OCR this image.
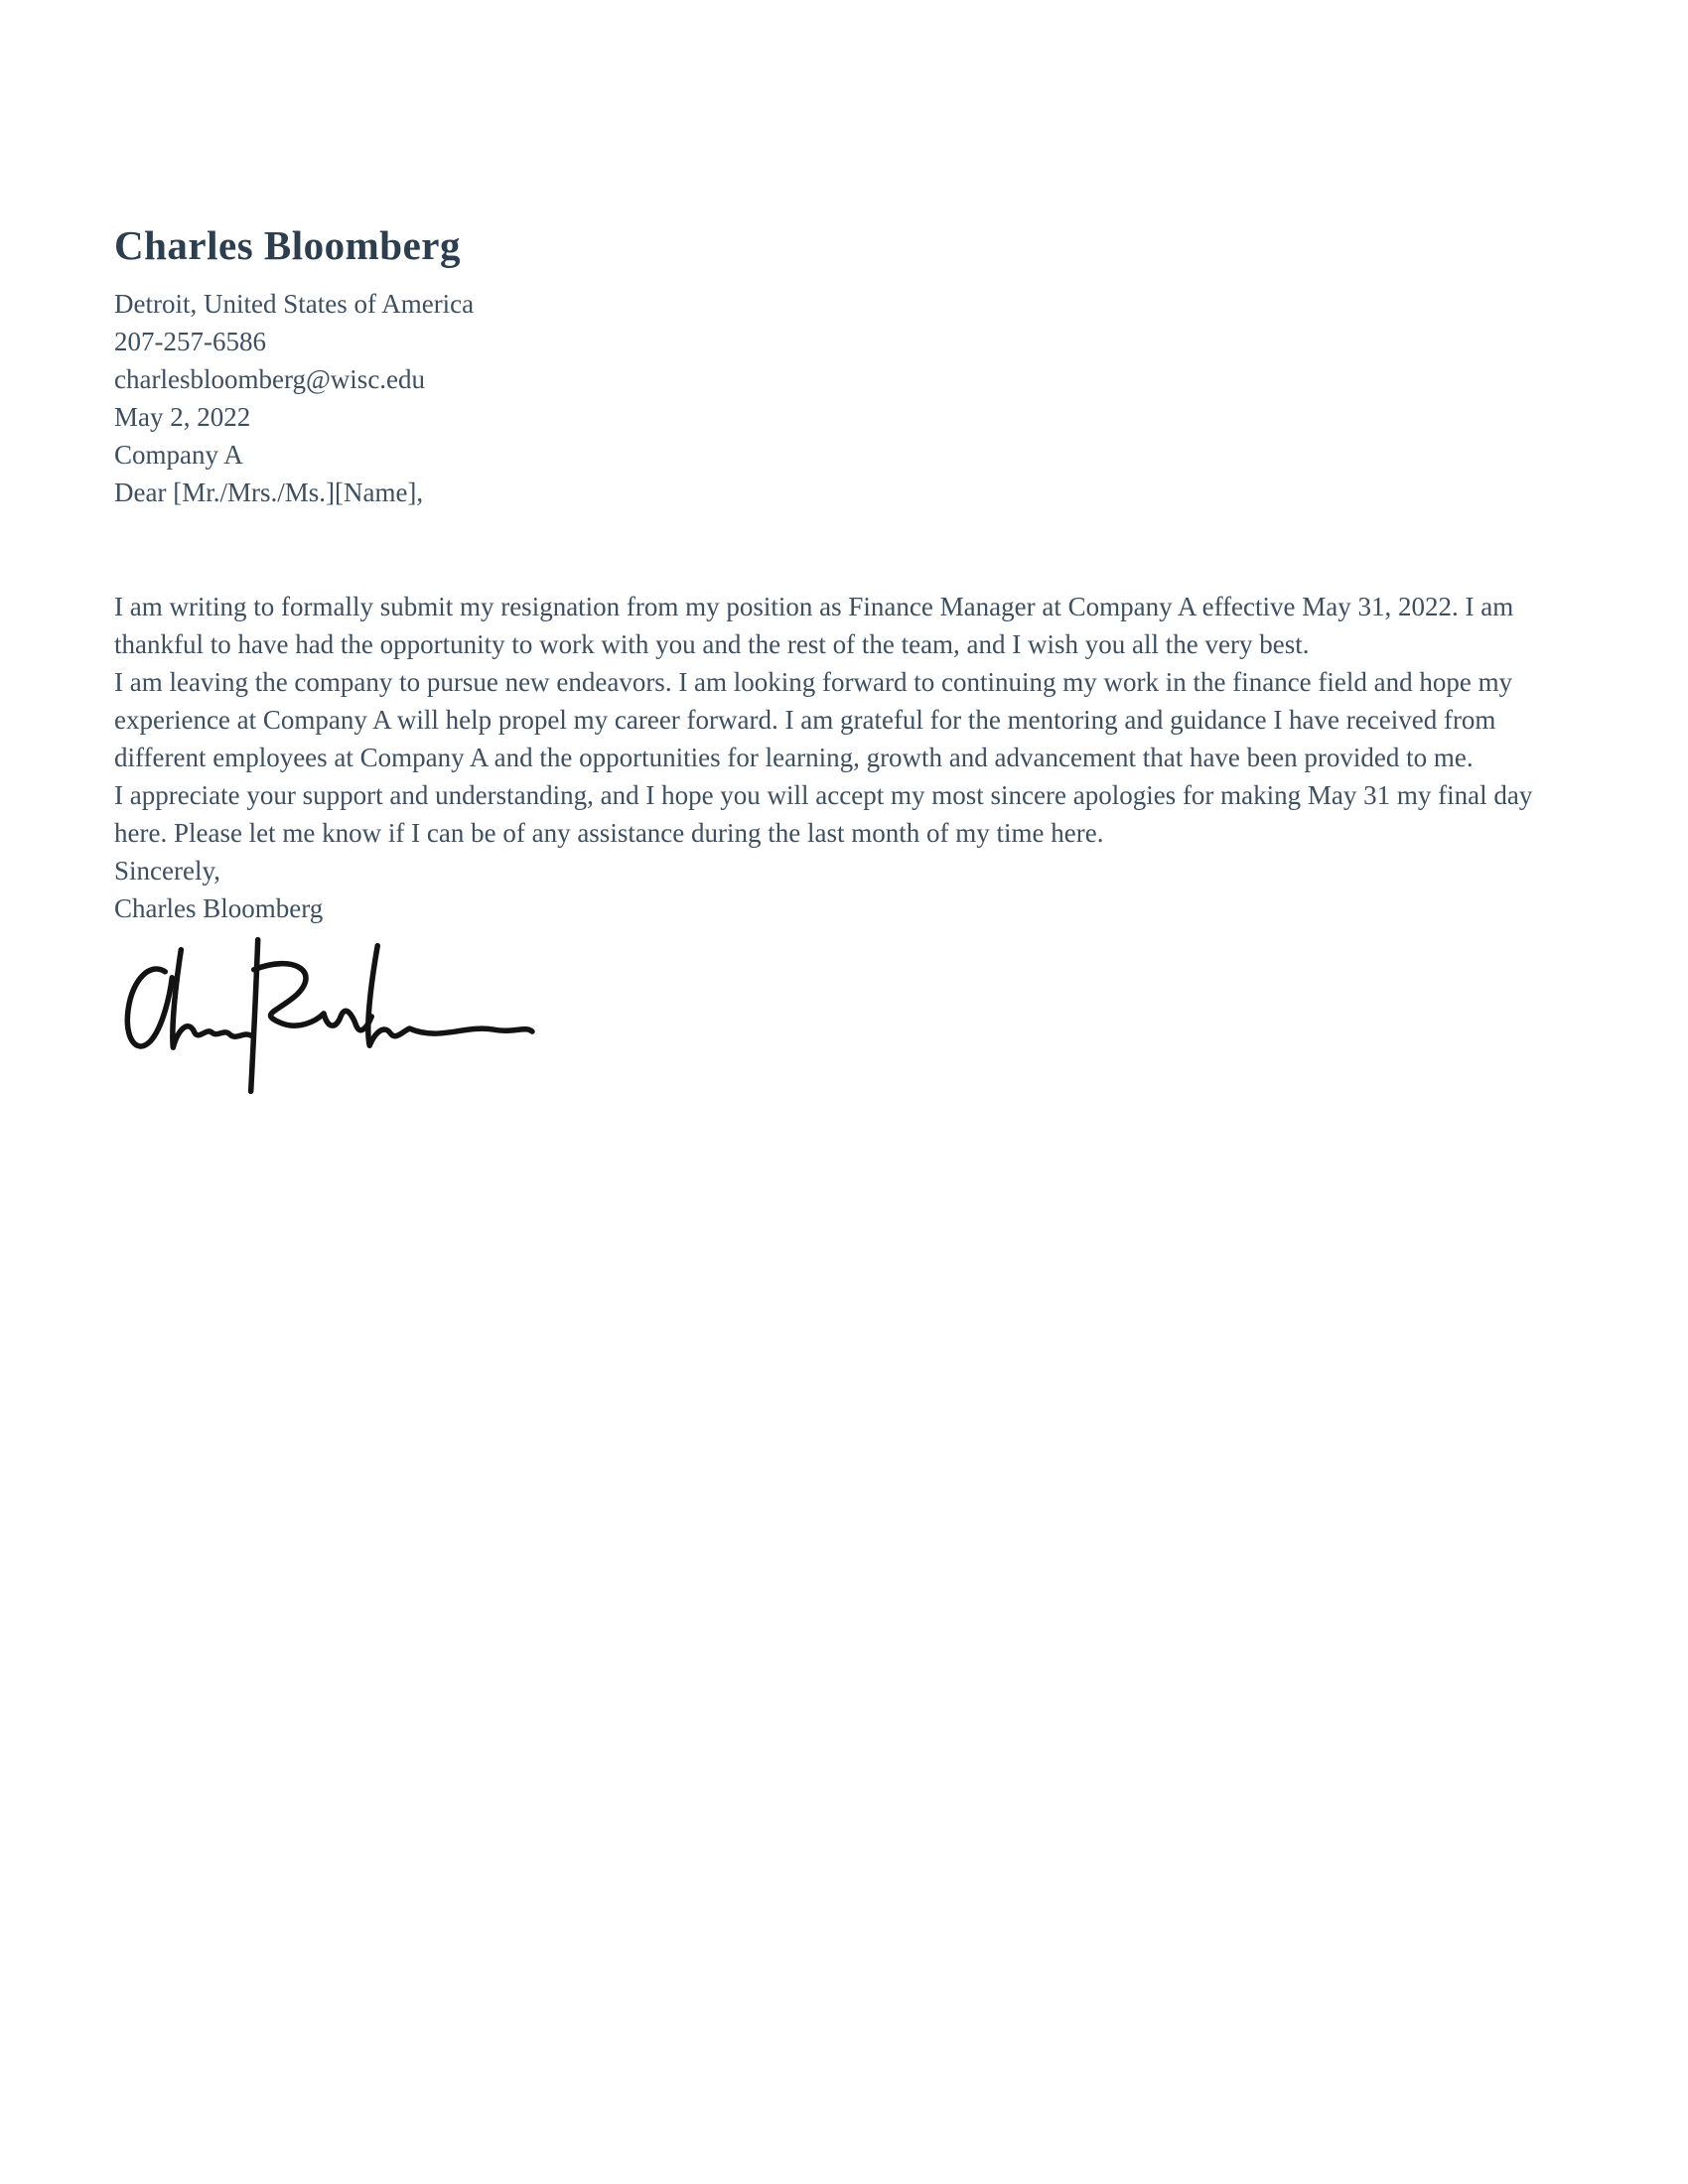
Charles Bloomberg

Detroit, United States of America

207-257-6586

charlesbloomberg@wisc.edu

May 2, 2022

Company A

Dear [Mr./Mrs./Ms.][Name],

I am writing to formally submit my resignation from my position as Finance Manager at Company A effective May 31, 2022. I am thankful to have had the opportunity to work with you and the rest of the team, and I wish you all the very best.

I am leaving the company to pursue new endeavors. I am looking forward to continuing my work in the finance field and hope my experience at Company A will help propel my career forward. I am grateful for the mentoring and guidance I have received from different employees at Company A and the opportunities for learning, growth and advancement that have been provided to me.

I appreciate your support and understanding, and I hope you will accept my most sincere apologies for making May 31 my final day here. Please let me know if I can be of any assistance during the last month of my time here.

Sincerely,

Charles Bloomberg
